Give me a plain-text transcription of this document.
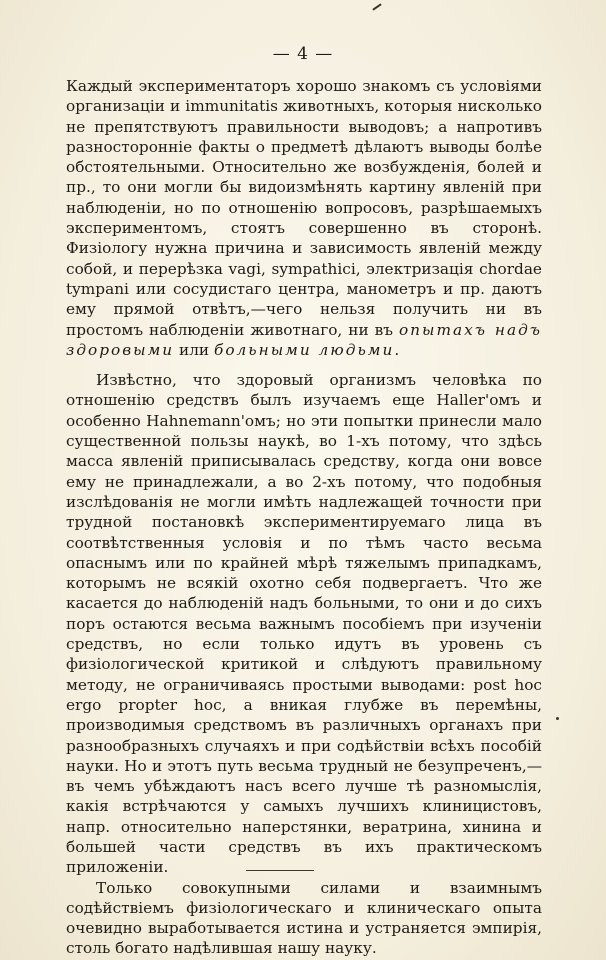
— 4 —

Каждый экспериментаторъ хорошо знакомъ съ условіями организаціи и immunitatis животныхъ, которыя нисколько не препятствуютъ правильности выводовъ; а напротивъ разностороннiе факты о предметѣ дѣлаютъ выводы болѣе обстоятельными. Относительно же возбужденія, болей и пр., то они могли бы видоизмѣнять картину явленій при наблюденіи, но по отношенію вопросовъ, разрѣшаемыхъ экспериментомъ, стоятъ совершенно въ сторонѣ. Физіологу нужна причина и зависимость явленій между собой, и перерѣзка vagi, sympathici, электризація chordae tympani или сосудистаго центра, манометръ и пр. даютъ ему прямой отвѣтъ,—чего нельзя получить ни въ простомъ наблюденіи животнаго, ни въ опытахъ надъ здоровыми или больными людьми.

Извѣстно, что здоровый организмъ человѣка по отношенію средствъ былъ изучаемъ еще Haller'омъ и особенно Hahnemann'омъ; но эти попытки принесли мало существенной пользы наукѣ, во 1-хъ потому, что здѣсь масса явленій приписывалась средству, когда они вовсе ему не принадлежали, а во 2-хъ потому, что подобныя изслѣдованія не могли имѣть надлежащей точности при трудной постановкѣ экспериментируемаго лица въ соотвѣтственныя условія и по тѣмъ часто весьма опаснымъ или по крайней мѣрѣ тяжелымъ припадкамъ, которымъ не всякій охотно себя подвергаетъ. Что же касается до наблюденій надъ больными, то они и до сихъ поръ остаются весьма важнымъ пособіемъ при изученіи средствъ, но если только идутъ въ уровень съ физіологической критикой и слѣдуютъ правильному методу, не ограничиваясь простыми выводами: post hoc ergo propter hoc, а вникая глубже въ перемѣны, производимыя средствомъ въ различныхъ органахъ при разнообразныхъ случаяхъ и при содѣйствіи всѣхъ пособій науки. Но и этотъ путь весьма трудный не безупреченъ,—въ чемъ убѣждаютъ насъ всего лучше тѣ разномыслія, какія встрѣчаются у самыхъ лучшихъ клиницистовъ, напр. относительно наперстянки, вератрина, хинина и большей части средствъ въ ихъ практическомъ приложеніи.

Только совокупными силами и взаимнымъ содѣйствіемъ физіологическаго и клиническаго опыта очевидно выработывается истина и устраняется эмпирія, столь богато надѣлившая нашу науку.
